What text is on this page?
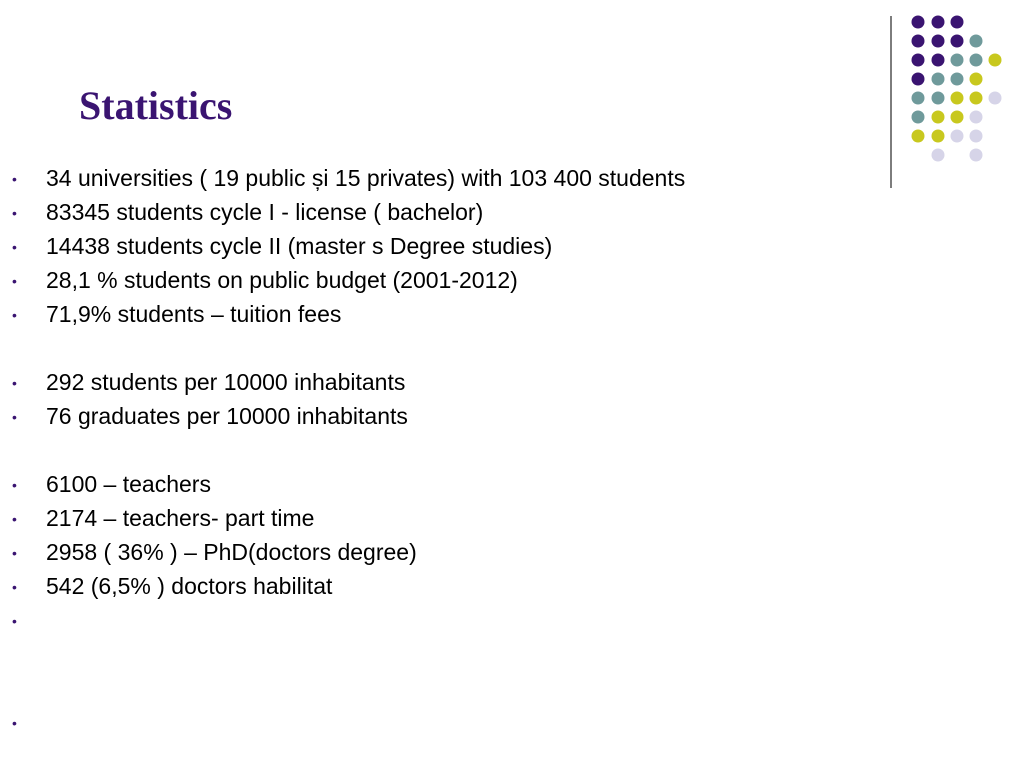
Statistics
34 universities ( 19 public și 15 privates) with 103 400 students
83345 students cycle I - license ( bachelor)
14438 students cycle II (master s Degree studies)
28,1 % students on public budget (2001-2012)
71,9% students – tuition fees
292 students per 10000 inhabitants
76 graduates per 10000 inhabitants
6100 – teachers
2174 – teachers- part time
2958 ( 36% ) – PhD(doctors degree)
542 (6,5% ) doctors habilitat
